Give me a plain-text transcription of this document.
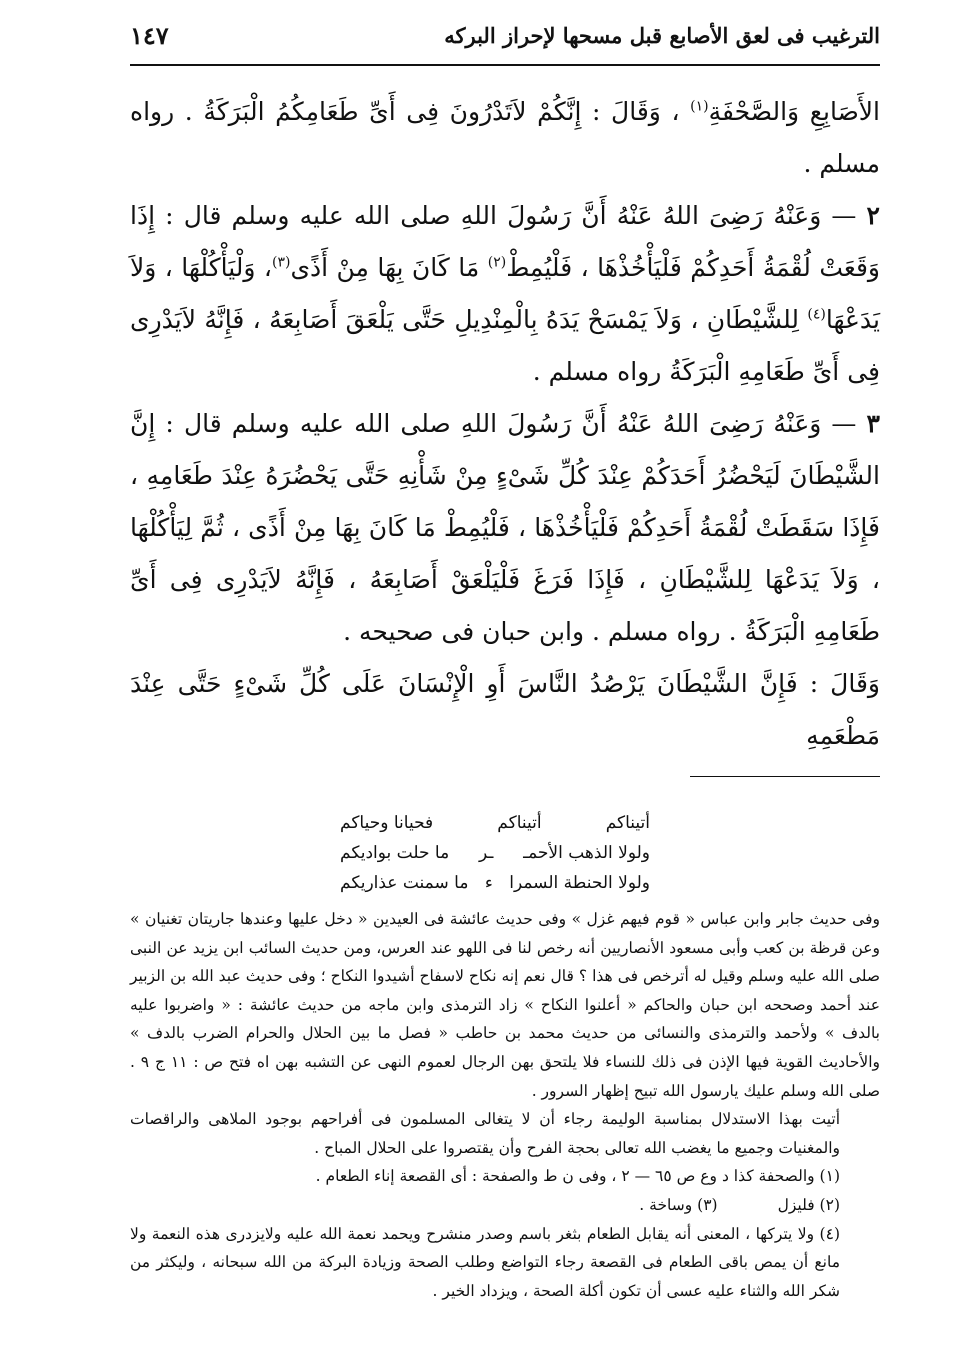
الترغيب فى لعق الأصابع قبل مسحها لإحراز البركه
١٤٧

الأَصَابِعِ وَالصَّحْفَةِ$^{(١)}$ ، وَقَالَ : إِنَّكُمْ لاَتَدْرُونَ فِى أَىِّ طَعَامِكُمُ الْبَرَكَةُ . رواه مسلم .

٢ — وَعَنْهُ رَضِىَ اللهُ عَنْهُ أَنَّ رَسُولَ اللهِ صلى الله عليه وسلم قال : إِذَا وَقَعَتْ لُقْمَةُ أَحَدِكُمْ فَلْيَأْخُذْهَا ، فَلْيُمِطْ$^{(٢)}$ مَا كَانَ بِهَا مِنْ أَذًى$^{(٣)}$، وَلْيَأْكُلْهَا ، وَلاَ يَدَعْهَا$^{(٤)}$ لِلشَّيْطَانِ ، وَلاَ يَمْسَحْ يَدَهُ بِالْمِنْدِيلِ حَتَّى يَلْعَقَ أَصَابِعَهُ ، فَإِنَّهُ لاَيَدْرِى فِى أَىِّ طَعَامِهِ الْبَرَكَةُ رواه مسلم .

٣ — وَعَنْهُ رَضِىَ اللهُ عَنْهُ أَنَّ رَسُولَ اللهِ صلى الله عليه وسلم قال : إِنَّ الشَّيْطَانَ لَيَحْضُرُ أَحَدَكُمْ عِنْدَ كُلِّ شَىْءٍ مِنْ شَأْنِهِ حَتَّى يَحْضُرَهُ عِنْدَ طَعَامِهِ ، فَإِذَا سَقَطَتْ لُقْمَةُ أَحَدِكُمْ فَلْيَأْخُذْهَا ، فَلْيُمِطْ مَا كَانَ بِهَا مِنْ أَذًى ، ثُمَّ لِيَأْكُلْهَا ، وَلاَ يَدَعْهَا لِلشَّيْطَانِ ، فَإِذَا فَرَغَ فَلْيَلْعَقْ أَصَابِعَهُ ، فَإِنَّهُ لاَيَدْرِى فِى أَىِّ طَعَامِهِ الْبَرَكَةُ . رواه مسلم . وابن حبان فى صحيحه .

وَقَالَ : فَإِنَّ الشَّيْطَانَ يَرْصُدُ النَّاسَ أَوِ الْإِنْسَانَ عَلَى كُلِّ شَىْءٍ حَتَّى عِنْدَ مَطْعَمِهِ

أتيناكم
أتيناكم
فحيانا وحياكم
ولولا الذهب الأحمـ
ـر
ما حلت بواديكم
ولولا الحنطة السمرا
ء
ما سمنت عذاريكم

وفى حديث جابر وابن عباس « قوم فيهم غزل » وفى حديث عائشة فى العيدين « دخل عليها وعندها جاريتان تغنيان » وعن قرظة بن كعب وأبى مسعود الأنصاريين أنه رخص لنا فى اللهو عند العرس، ومن حديث السائب ابن يزيد عن النبى صلى الله عليه وسلم وقيل له أترخص فى هذا ؟ قال نعم إنه نكاح لاسفاح أشيدوا النكاح ؛ وفى حديث عبد الله بن الزبير عند أحمد وصححه ابن حبان والحاكم « أعلنوا النكاح » زاد الترمذى وابن ماجه من حديث عائشة : « واضربوا عليه بالدف » ولأحمد والترمذى والنسائى من حديث محمد بن حاطب « فصل ما بين الحلال والحرام الضرب بالدف » والأحاديث القوية فيها الإذن فى ذلك للنساء فلا يلتحق بهن الرجال لعموم النهى عن التشبه بهن اه فتح ص : ١١ ج ٩ . صلى الله وسلم عليك يارسول الله تبيح إظهار السرور .

أتيت بهذا الاستدلال بمناسبة الوليمة رجاء أن لا يتغالى المسلمون فى أفراحهم بوجود الملاهى والراقصات والمغنيات وجميع ما يغضب الله تعالى بحجة الفرح وأن يقتصروا على الحلال المباح .

(١) والصحفة كذا د وع ص ٦٥ — ٢ ، وفى ن ط والصفحة : أى القصعة إناء الطعام .

(٢) فليزل
(٣) وساخة .

(٤) ولا يتركها ، المعنى أنه يقابل الطعام بثغر باسم وصدر منشرح ويحمد نعمة الله عليه ولايزدرى هذه النعمة ولا مانع أن يمص باقى الطعام فى القصعة رجاء التواضع وطلب الصحة وزيادة البركة من الله سبحانه ، وليكثر من شكر الله والثناء عليه عسى أن تكون أكلة الصحة ، ويزداد الخير .
